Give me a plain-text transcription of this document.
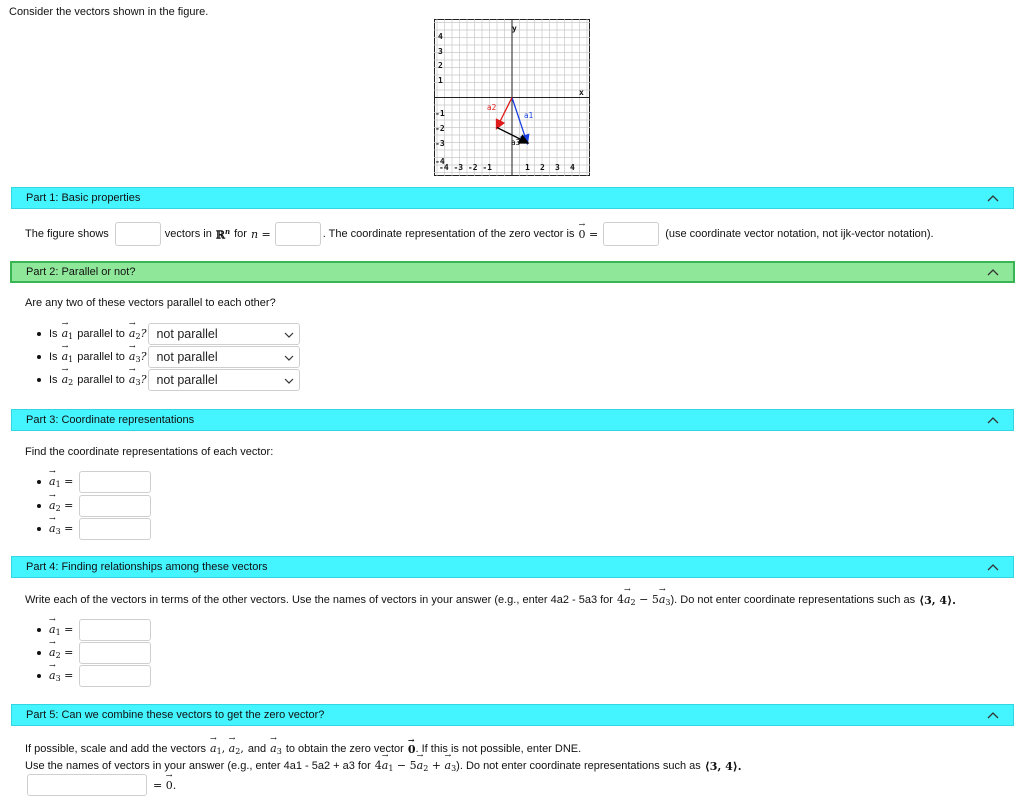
Consider the vectors shown in the figure.
4
3
2
1
-1
-2
-3
-4
-4 -3 -2 -1	1 2 3 4
x
y
a1
a2
a3
Part 1: Basic properties
The figure shows	vectors in ℝ$^n$ for n =	. The coordinate representation of the zero vector is
→ 0 =	(use coordinate vector notation, not ijk-vector notation).
Part 2: Parallel or not?
Are any two of these vectors parallel to each other?
Is
→ $a_1$ parallel to
→ $a_2$? not parallel
Is
→ $a_1$ parallel to
→ $a_3$? not parallel
Is
→ $a_2$ parallel to
→ $a_3$? not parallel
Part 3: Coordinate representations
Find the coordinate representations of each vector:
→ $a_1$ =
→ $a_2$ =
→ $a_3$ =
Part 4: Finding relationships among these vectors
Write each of the vectors in terms of the other vectors. Use the names of vectors in your answer (e.g., enter 4a2 - 5a3 for $4\to a_2 - 5\to a_3$ ). Do not enter coordinate representations such as ⟨3, 4⟩.
→ $a_1$ =
→ $a_2$ =
→ $a_3$ =
Part 5: Can we combine these vectors to get the zero vector?
If possible, scale and add the vectors
→ $a_1$, → $a_2$, and
→ $a_3$ to obtain the zero vector
→ 0 . If this is not possible, enter DNE.
Use the names of vectors in your answer (e.g., enter 4a1 - 5a2 + a3 for $4\to a_1 - 5\to a_2$ + → $a_3$ ). Do not enter coordinate representations such as ⟨3, 4⟩.
= → 0.
